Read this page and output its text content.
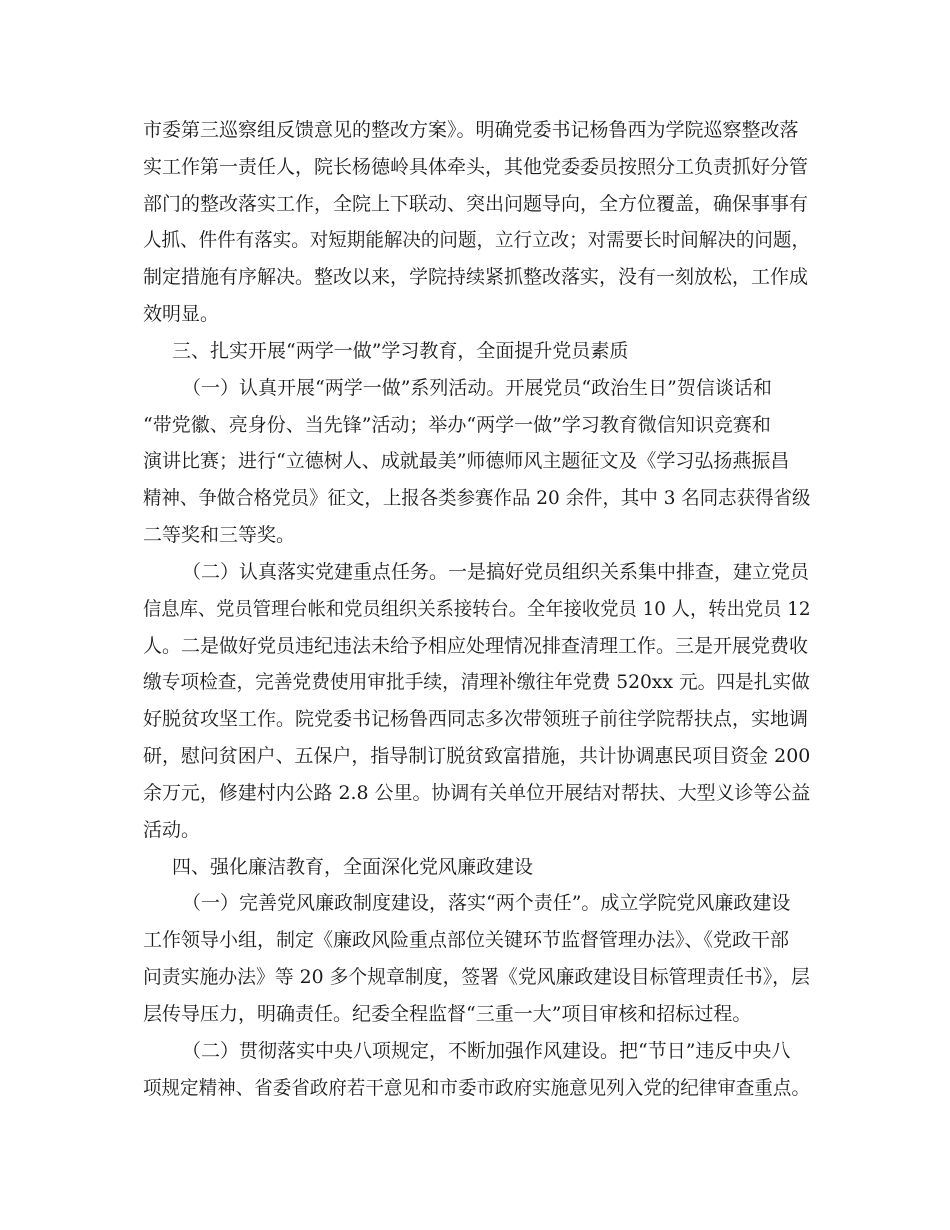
市委第三巡察组反馈意见的整改方案》。明确党委书记杨鲁西为学院巡察整改落
实工作第一责任人，院长杨德岭具体牵头，其他党委委员按照分工负责抓好分管
部门的整改落实工作，全院上下联动、突出问题导向，全方位覆盖，确保事事有
人抓、件件有落实。对短期能解决的问题，立行立改；对需要长时间解决的问题，
制定措施有序解决。整改以来，学院持续紧抓整改落实，没有一刻放松，工作成
效明显。
三、扎实开展“两学一做”学习教育，全面提升党员素质
（一）认真开展“两学一做”系列活动。开展党员“政治生日”贺信谈话和
“带党徽、亮身份、当先锋”活动；举办“两学一做”学习教育微信知识竞赛和
演讲比赛；进行“立德树人、成就最美”师德师风主题征文及《学习弘扬燕振昌
精神、争做合格党员》征文，上报各类参赛作品 20 余件，其中 3 名同志获得省级
二等奖和三等奖。
（二）认真落实党建重点任务。一是搞好党员组织关系集中排查，建立党员
信息库、党员管理台帐和党员组织关系接转台。全年接收党员 10 人，转出党员 12
人。二是做好党员违纪违法未给予相应处理情况排查清理工作。三是开展党费收
缴专项检查，完善党费使用审批手续，清理补缴往年党费 520xx 元。四是扎实做
好脱贫攻坚工作。院党委书记杨鲁西同志多次带领班子前往学院帮扶点，实地调
研，慰问贫困户、五保户，指导制订脱贫致富措施，共计协调惠民项目资金 200
余万元，修建村内公路 2.8 公里。协调有关单位开展结对帮扶、大型义诊等公益
活动。
四、强化廉洁教育，全面深化党风廉政建设
（一）完善党风廉政制度建设，落实“两个责任”。成立学院党风廉政建设
工作领导小组，制定《廉政风险重点部位关键环节监督管理办法》、《党政干部
问责实施办法》等 20 多个规章制度，签署《党风廉政建设目标管理责任书》，层
层传导压力，明确责任。纪委全程监督“三重一大”项目审核和招标过程。
（二）贯彻落实中央八项规定，不断加强作风建设。把“节日”违反中央八
项规定精神、省委省政府若干意见和市委市政府实施意见列入党的纪律审查重点。
